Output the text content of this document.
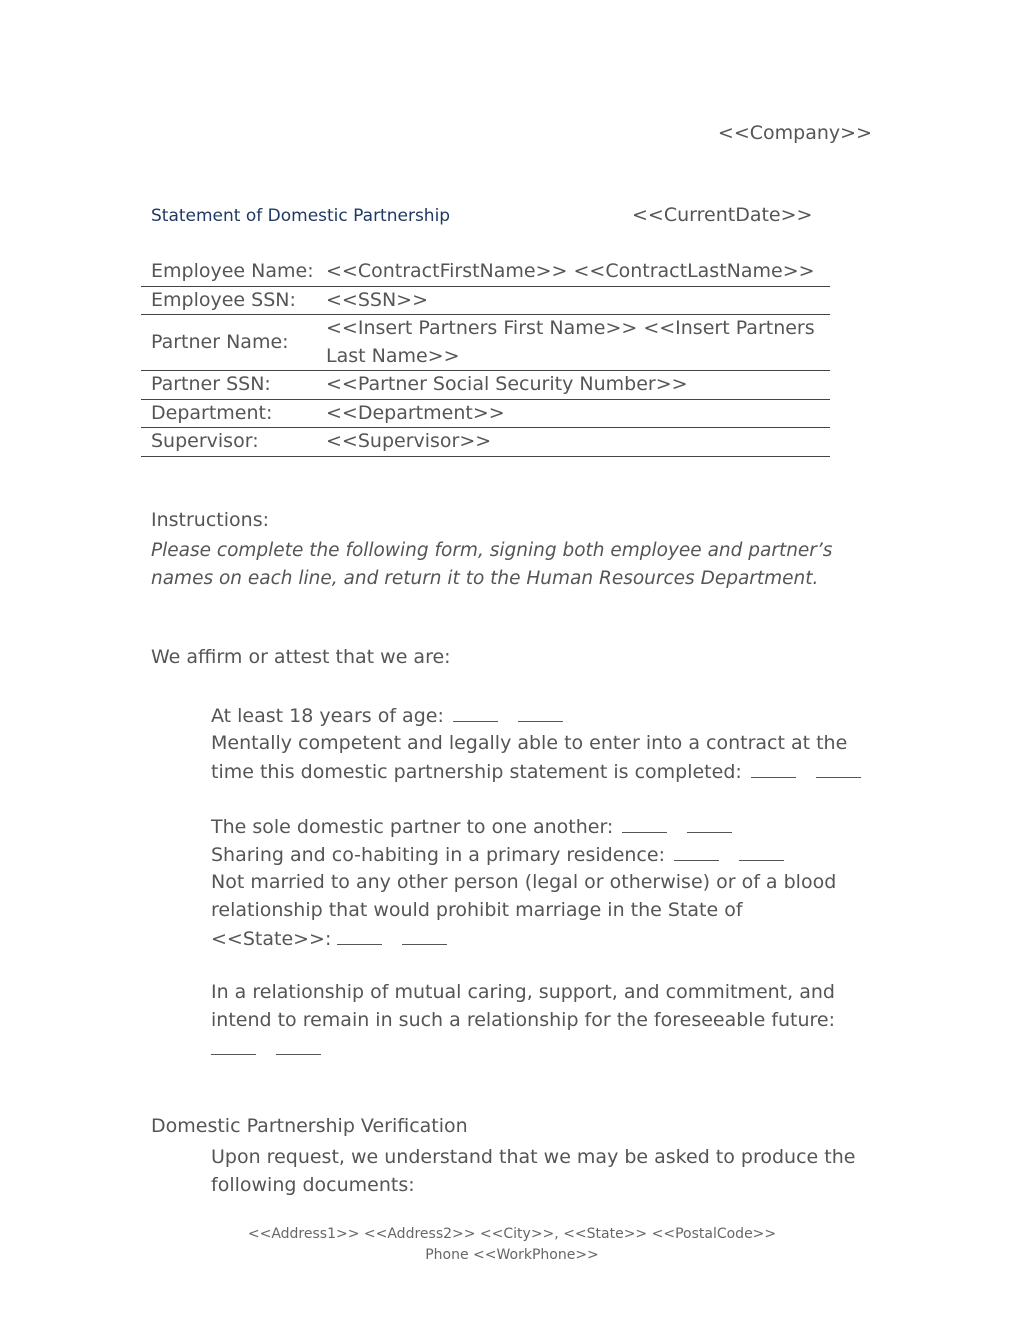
<<Company>>
Statement of Domestic Partnership	<<CurrentDate>>
Employee Name:	<<ContractFirstName>> <<ContractLastName>>
Employee SSN:	<<SSN>>
Partner Name:	<<Insert Partners First Name>> <<Insert Partners Last Name>>
Partner SSN:	<<Partner Social Security Number>>
Department:	<<Department>>
Supervisor:	<<Supervisor>>
Instructions:
Please complete the following form, signing both employee and partner’s names on each line, and return it to the Human Resources Department.
We affirm or attest that we are:
At least 18 years of age:
Mentally competent and legally able to enter into a contract at the time this domestic partnership statement is completed:
The sole domestic partner to one another:
Sharing and co-habiting in a primary residence:
Not married to any other person (legal or otherwise) or of a blood relationship that would prohibit marriage in the State of <<State>>:
In a relationship of mutual caring, support, and commitment, and intend to remain in such a relationship for the foreseeable future:
Domestic Partnership Verification
Upon request, we understand that we may be asked to produce the following documents:
<<Address1>> <<Address2>> <<City>>, <<State>> <<PostalCode>>
Phone <<WorkPhone>>
